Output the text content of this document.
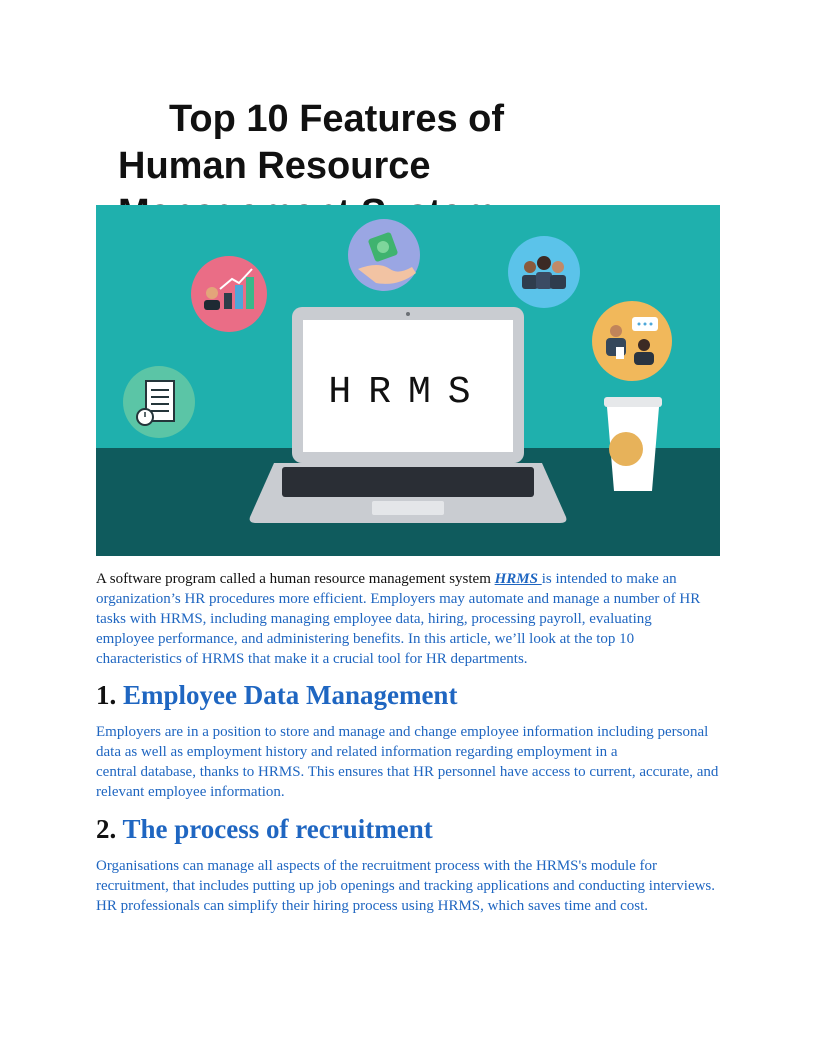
Top 10 Features of
Human Resource
HRMS

A software program called a human resource management system HRMS is intended to make an organization’s HR procedures more efficient. Employers may automate and manage a number of HR tasks with HRMS, including managing employee data, hiring, processing payroll, evaluating
employee performance, and administering benefits. In this article, we’ll look at the top 10 characteristics of HRMS that make it a crucial tool for HR departments.

1. Employee Data Management

Employers are in a position to store and manage and change employee information including personal data as well as employment history and related information regarding employment in a
central database, thanks to HRMS. This ensures that HR personnel have access to current, accurate, and relevant employee information.

2. The process of recruitment

Organisations can manage all aspects of the recruitment process with the HRMS's module for recruitment, that includes putting up job openings and tracking applications and conducting interviews. HR professionals can simplify their hiring process using HRMS, which saves time and cost.
